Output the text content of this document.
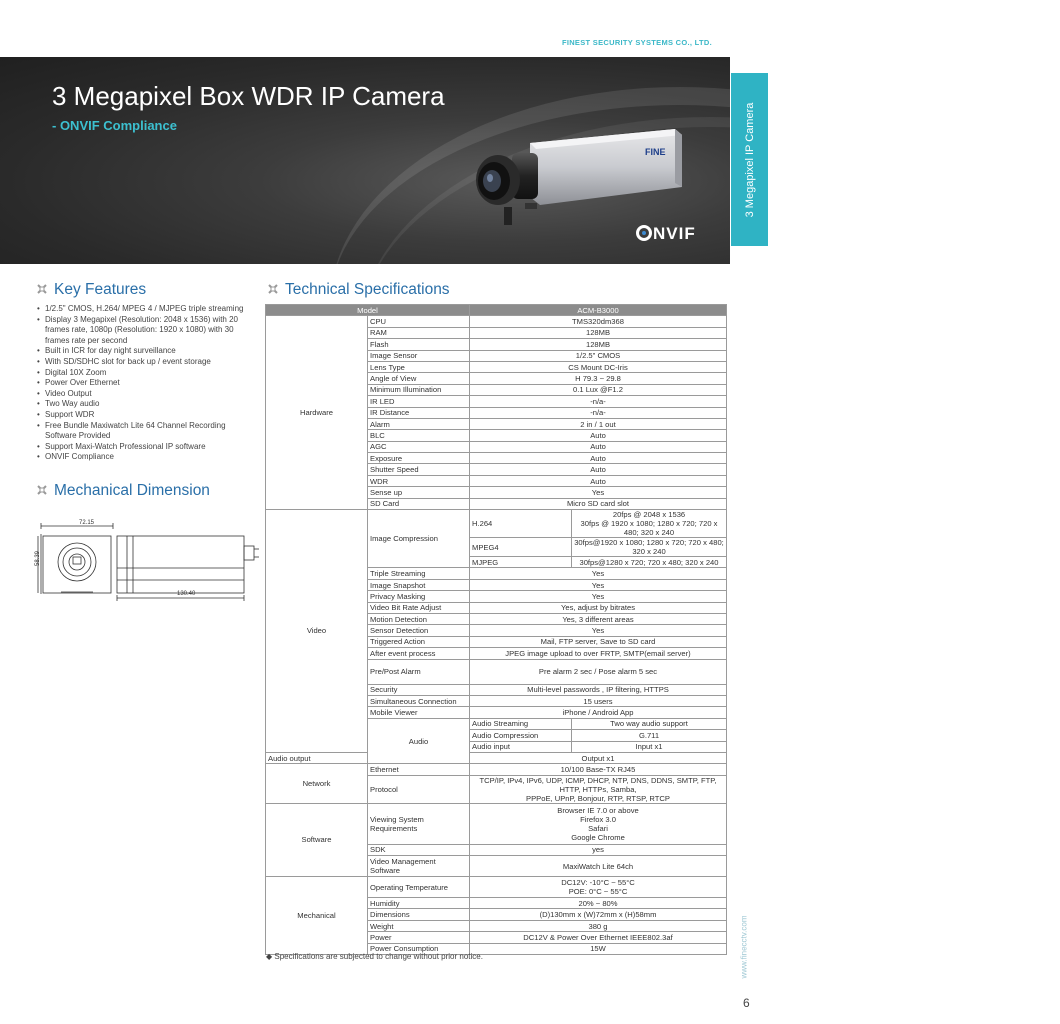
FINEST SECURITY SYSTEMS CO., LTD.
3 Megapixel Box WDR IP Camera
- ONVIF Compliance
FINE
NVIF
3 Megapixel IP Camera
Key Features
• 1/2.5" CMOS, H.264/ MPEG 4 / MJPEG triple streaming
• Display 3 Megapixel (Resolution: 2048 x 1536) with 20 frames rate, 1080p (Resolution: 1920 x 1080) with 30 frames rate per second
• Built in ICR for day night surveillance
• With SD/SDHC slot for back up / event storage
• Digital 10X Zoom
• Power Over Ethernet
• Video Output
• Two Way audio
• Support WDR
• Free Bundle Maxiwatch Lite 64 Channel Recording Software Provided
• Support Maxi-Watch Professional IP software
• ONVIF Compliance
Mechanical Dimension
72.15
58.39
130.40
Technical Specifications
Model		ACM-B3000	
Hardware	CPU	TMS320dm368	
	RAM	128MB	
	Flash	128MB	
	Image Sensor	1/2.5" CMOS	
	Lens Type	CS Mount DC-Iris	
	Angle of View	H 79.3 ~ 29.8	
	Minimum Illumination	0.1 Lux @F1.2	
	IR LED	-n/a-	
	IR Distance	-n/a-	
	Alarm	2 in / 1 out	
	BLC	Auto	
	AGC	Auto	
	Exposure	Auto	
	Shutter Speed	Auto	
	WDR	Auto	
	Sense up	Yes	
	SD Card	Micro SD card slot	
Video	Image Compression	H.264	20fps @ 2048 x 1536
30fps @ 1920 x 1080; 1280 x 720; 720 x 480; 320 x 240

		MPEG4	30fps@1920 x 1080; 1280 x 720; 720 x 480; 320 x 240
		MJPEG	30fps@1280 x 720; 720 x 480; 320 x 240
	Triple Streaming	Yes	
	Image Snapshot	Yes	
	Privacy Masking	Yes	
	Video Bit Rate Adjust	Yes, adjust by bitrates	
	Motion Detection	Yes, 3 different areas	
	Sensor Detection	Yes	
	Triggered Action	Mail, FTP server, Save to SD card	
	After event process	JPEG image upload to over FRTP, SMTP(email server)	
	Pre/Post Alarm	Pre alarm 2 sec / Pose alarm 5 sec	
	Security	Multi-level passwords , IP filtering, HTTPS	
	Simultaneous Connection	15 users	
	Mobile Viewer	iPhone / Android App	
	Audio	Audio Streaming	Two way audio support
		Audio Compression	G.711
		Audio input	Input x1
Audio output		Output x1	
Network	Ethernet	10/100 Base-TX RJ45	
	Protocol	TCP/IP, IPv4, IPv6, UDP, ICMP, DHCP, NTP, DNS, DDNS, SMTP, FTP, HTTP, HTTPs, Samba,
PPPoE, UPnP, Bonjour, RTP, RTSP, RTCP	

Software	Viewing System Requirements	Browser IE 7.0 or above
Firefox 3.0
Safari
Google Chrome	

	SDK	yes	
	Video Management Software	MaxiWatch Lite 64ch	
Mechanical	Operating Temperature	DC12V: -10°C ~ 55°C
POE: 0°C ~ 55°C	

	Humidity	20% ~ 80%	
	Dimensions	(D)130mm x (W)72mm x (H)58mm	
	Weight	380 g	
	Power	DC12V & Power Over Ethernet IEEE802.3af	
	Power Consumption	15W	
◆ Specifications are subjected to change without prior notice.	www.finecctv.com
6
